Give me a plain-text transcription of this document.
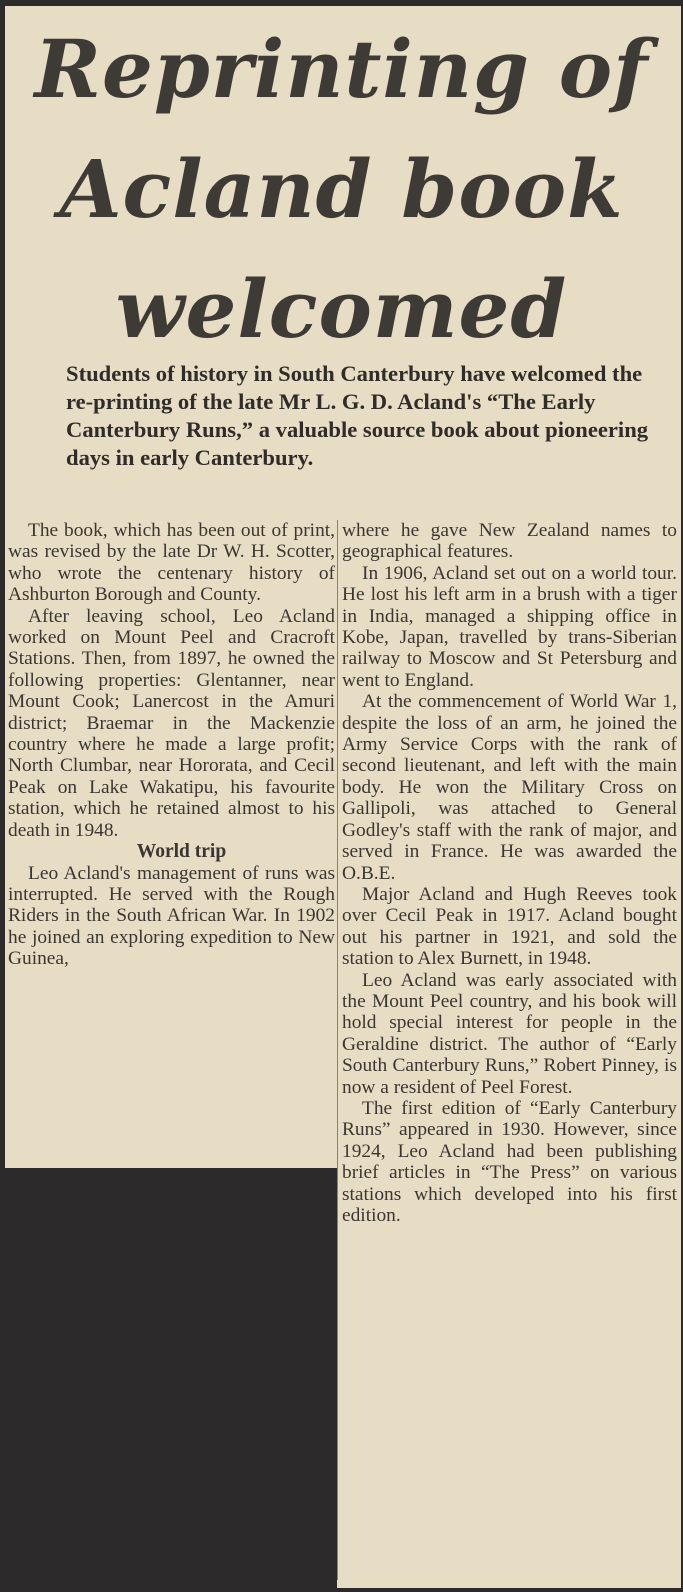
Reprinting of
Acland book
welcomed
Students of history in South Canterbury have welcomed the re-printing of the late Mr L. G. D. Acland's “The Early Canterbury Runs,” a valuable source book about pioneering days in early Canterbury.

The book, which has been out of print, was revised by the late Dr W. H. Scotter, who wrote the centenary history of Ashburton Borough and County.

After leaving school, Leo Acland worked on Mount Peel and Cracroft Stations. Then, from 1897, he owned the following properties: Glentanner, near Mount Cook; Lanercost in the Amuri district; Braemar in the Mackenzie country where he made a large profit; North Clumbar, near Hororata, and Cecil Peak on Lake Wakatipu, his favourite station, which he retained almost to his death in 1948.

World trip

Leo Acland's management of runs was interrupted. He served with the Rough Riders in the South African War. In 1902 he joined an exploring expedition to New Guinea,

where he gave New Zealand names to geographical features.

In 1906, Acland set out on a world tour. He lost his left arm in a brush with a tiger in India, managed a shipping office in Kobe, Japan, travelled by trans-Siberian railway to Moscow and St Petersburg and went to England.

At the commencement of World War 1, despite the loss of an arm, he joined the Army Service Corps with the rank of second lieutenant, and left with the main body. He won the Military Cross on Gallipoli, was attached to General Godley's staff with the rank of major, and served in France. He was awarded the O.B.E.

Major Acland and Hugh Reeves took over Cecil Peak in 1917. Acland bought out his partner in 1921, and sold the station to Alex Burnett, in 1948.

Leo Acland was early associated with the Mount Peel country, and his book will hold special interest for people in the Geraldine district. The author of “Early South Canterbury Runs,” Robert Pinney, is now a resident of Peel Forest.

The first edition of “Early Canterbury Runs” appeared in 1930. However, since 1924, Leo Acland had been publishing brief articles in “The Press” on various stations which developed into his first edition.
